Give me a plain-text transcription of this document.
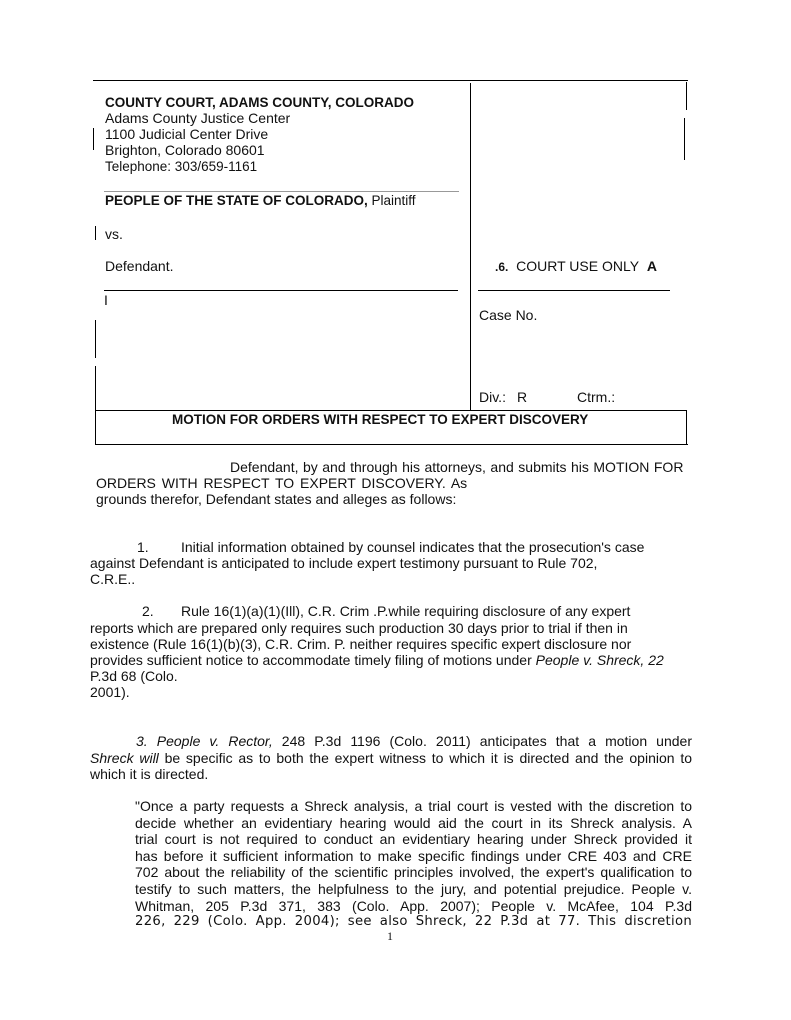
COUNTY COURT, ADAMS COUNTY, COLORADO
Adams County Justice Center
1100 Judicial Center Drive
Brighton, Colorado 80601
Telephone: 303/659-1161
PEOPLE OF THE STATE OF COLORADO, Plaintiff
vs.
Defendant.
I
.6. COURT USE ONLY A
Case No.
Div.: R	Ctrm.:
MOTION FOR ORDERS WITH RESPECT TO EXPERT DISCOVERY
Defendant, by and through his attorneys, and submits his MOTION FOR
ORDERS WITH RESPECT TO EXPERT DISCOVERY. As
grounds therefor, Defendant states and alleges as follows:
1. Initial information obtained by counsel indicates that the prosecution's case
against Defendant is anticipated to include expert testimony pursuant to Rule 702,
C.R.E..
2. Rule 16(1)(a)(1)(Ill), C.R. Crim .P.while requiring disclosure of any expert
reports which are prepared only requires such production 30 days prior to trial if then in
existence (Rule 16(1)(b)(3), C.R. Crim. P. neither requires specific expert disclosure nor
provides sufficient notice to accommodate timely filing of motions under People v. Shreck, 22
P.3d 68 (Colo.
2001).
3. People v. Rector, 248 P.3d 1196 (Colo. 2011) anticipates that a motion under
Shreck will be specific as to both the expert witness to which it is directed and the opinion to
which it is directed.
"Once a party requests a Shreck analysis, a trial court is vested with the discretion to
decide whether an evidentiary hearing would aid the court in its Shreck analysis. A
trial court is not required to conduct an evidentiary hearing under Shreck provided it
has before it sufficient information to make specific findings under CRE 403 and CRE
702 about the reliability of the scientific principles involved, the expert's qualification to
testify to such matters, the helpfulness to the jury, and potential prejudice. People v.
Whitman, 205 P.3d 371, 383 (Colo. App. 2007); People v. McAfee, 104 P.3d
226, 229 (Colo. App. 2004); see also Shreck, 22 P.3d at 77. This discretion
1
